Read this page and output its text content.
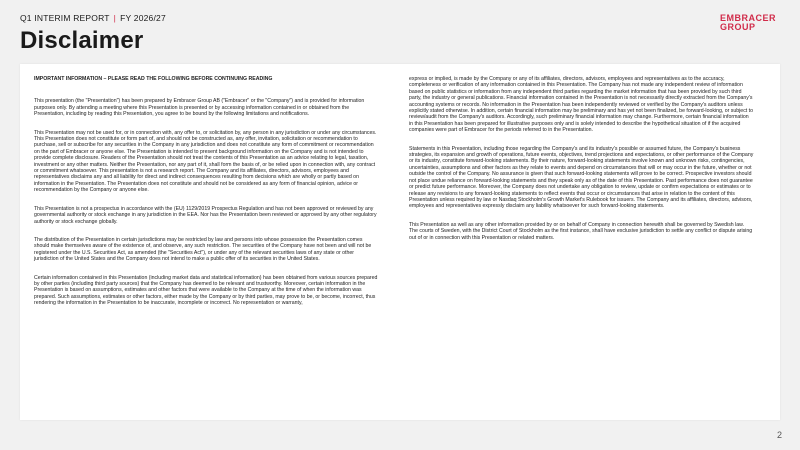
Q1 INTERIM REPORT | FY 2026/27
Disclaimer
EMBRACER
GROUP

IMPORTANT INFORMATION – PLEASE READ THE FOLLOWING BEFORE CONTINUING READING

This presentation (the "Presentation") has been prepared by Embracer Group AB ("Embracer" or the "Company") and is provided for information purposes only. By attending a meeting where this Presentation is presented or by accessing information contained in or obtained from the Presentation, including by reading this Presentation, you agree to be bound by the following limitations and notifications.

This Presentation may not be used for, or in connection with, any offer to, or solicitation by, any person in any jurisdiction or under any circumstances. This Presentation does not constitute or form part of, and should not be constructed as, any offer, invitation, solicitation or recommendation to purchase, sell or subscribe for any securities in the Company in any jurisdiction and does not constitute any form of commitment or recommendation on the part of Embracer or anyone else. The Presentation is intended to present background information on the Company and is not intended to provide complete disclosure. Readers of the Presentation should not treat the contents of this Presentation as an advice relating to legal, taxation, investment or any other matters. Neither the Presentation, nor any part of it, shall form the basis of, or be relied upon in connection with, any contract or commitment whatsoever. This presentation is not a research report. The Company and its affiliates, directors, advisors, employees and representatives disclaims any and all liability for direct and indirect consequences resulting from decisions which are wholly or partly based on information in the Presentation. The Presentation does not constitute and should not be considered as any form of financial opinion, advice or recommendation by the Company or anyone else.

This Presentation is not a prospectus in accordance with the (EU) 1129/2019 Prospectus Regulation and has not been approved or reviewed by any governmental authority or stock exchange in any jurisdiction in the EEA. Nor has the Presentation been reviewed or approved by any other regulatory authority or stock exchange globally.

The distribution of the Presentation in certain jurisdictions may be restricted by law and persons into whose possession the Presentation comes should make themselves aware of the existence of, and observe, any such restriction. The securities of the Company have not been and will not be registered under the U.S. Securities Act, as amended (the "Securities Act"), or under any of the relevant securities laws of any state or other jurisdiction of the United States and the Company does not intend to make a public offer of its securities in the United States.

Certain information contained in this Presentation (including market data and statistical information) has been obtained from various sources prepared by other parties (including third party sources) that the Company has deemed to be relevant and trustworthy. Moreover, certain information in the Presentation is based on assumptions, estimates and other factors that were available to the Company at the time of when the information was prepared. Such assumptions, estimates or other factors, either made by the Company or by third parties, may prove to be, or become, incorrect, thus rendering the information in the Presentation to be inaccurate, incomplete or incorrect. No representation or warranty,

express or implied, is made by the Company or any of its affiliates, directors, advisors, employees and representatives as to the accuracy, completeness or verification of any information contained in this Presentation. The Company has not made any independent review of information based on public statistics or information from any independent third parties regarding the market information that has been provided by such third party, the industry or general publications. Financial information contained in the Presentation is not necessarily directly extracted from the Company's accounting systems or records. No information in the Presentation has been independently reviewed or verified by the Company's auditors unless explicitly stated otherwise. In addition, certain financial information may be preliminary and has yet not been finalized, be forward-looking, or subject to review/audit from the Company's auditors. Accordingly, such preliminary financial information may change. Furthermore, certain financial information in this Presentation has been prepared for illustrative purposes only and is solely intended to describe the hypothetical situation of if the acquired companies were part of Embracer for the periods referred to in the Presentation.

Statements in this Presentation, including those regarding the Company's and its industry's possible or assumed future, the Company's business strategies, its expansion and growth of operations, future events, objectives, trend projections and expectations, or other performance of the Company or its industry, constitute forward-looking statements. By their nature, forward-looking statements involve known and unknown risks, contingencies, uncertainties, assumptions and other factors as they relate to events and depend on circumstances that will or may occur in the future, whether or not outside the control of the Company. No assurance is given that such forward-looking statements will prove to be correct. Prospective investors should not place undue reliance on forward-looking statements and they speak only as of the date of this Presentation. Past performance does not guarantee or predict future performance. Moreover, the Company does not undertake any obligation to review, update or confirm expectations or estimates or to release any revisions to any forward-looking statements to reflect events that occur or circumstances that arise in relation to the content of this Presentation unless required by law or Nasdaq Stockholm's Growth Market's Rulebook for issuers. The Company and its affiliates, directors, advisors, employees and representatives expressly disclaim any liability whatsoever for such forward-looking statements.

This Presentation as well as any other information provided by or on behalf of Company in connection herewith shall be governed by Swedish law. The courts of Sweden, with the District Court of Stockholm as the first instance, shall have exclusive jurisdiction to settle any conflict or dispute arising out of or in connection with this Presentation or related matters.

2
